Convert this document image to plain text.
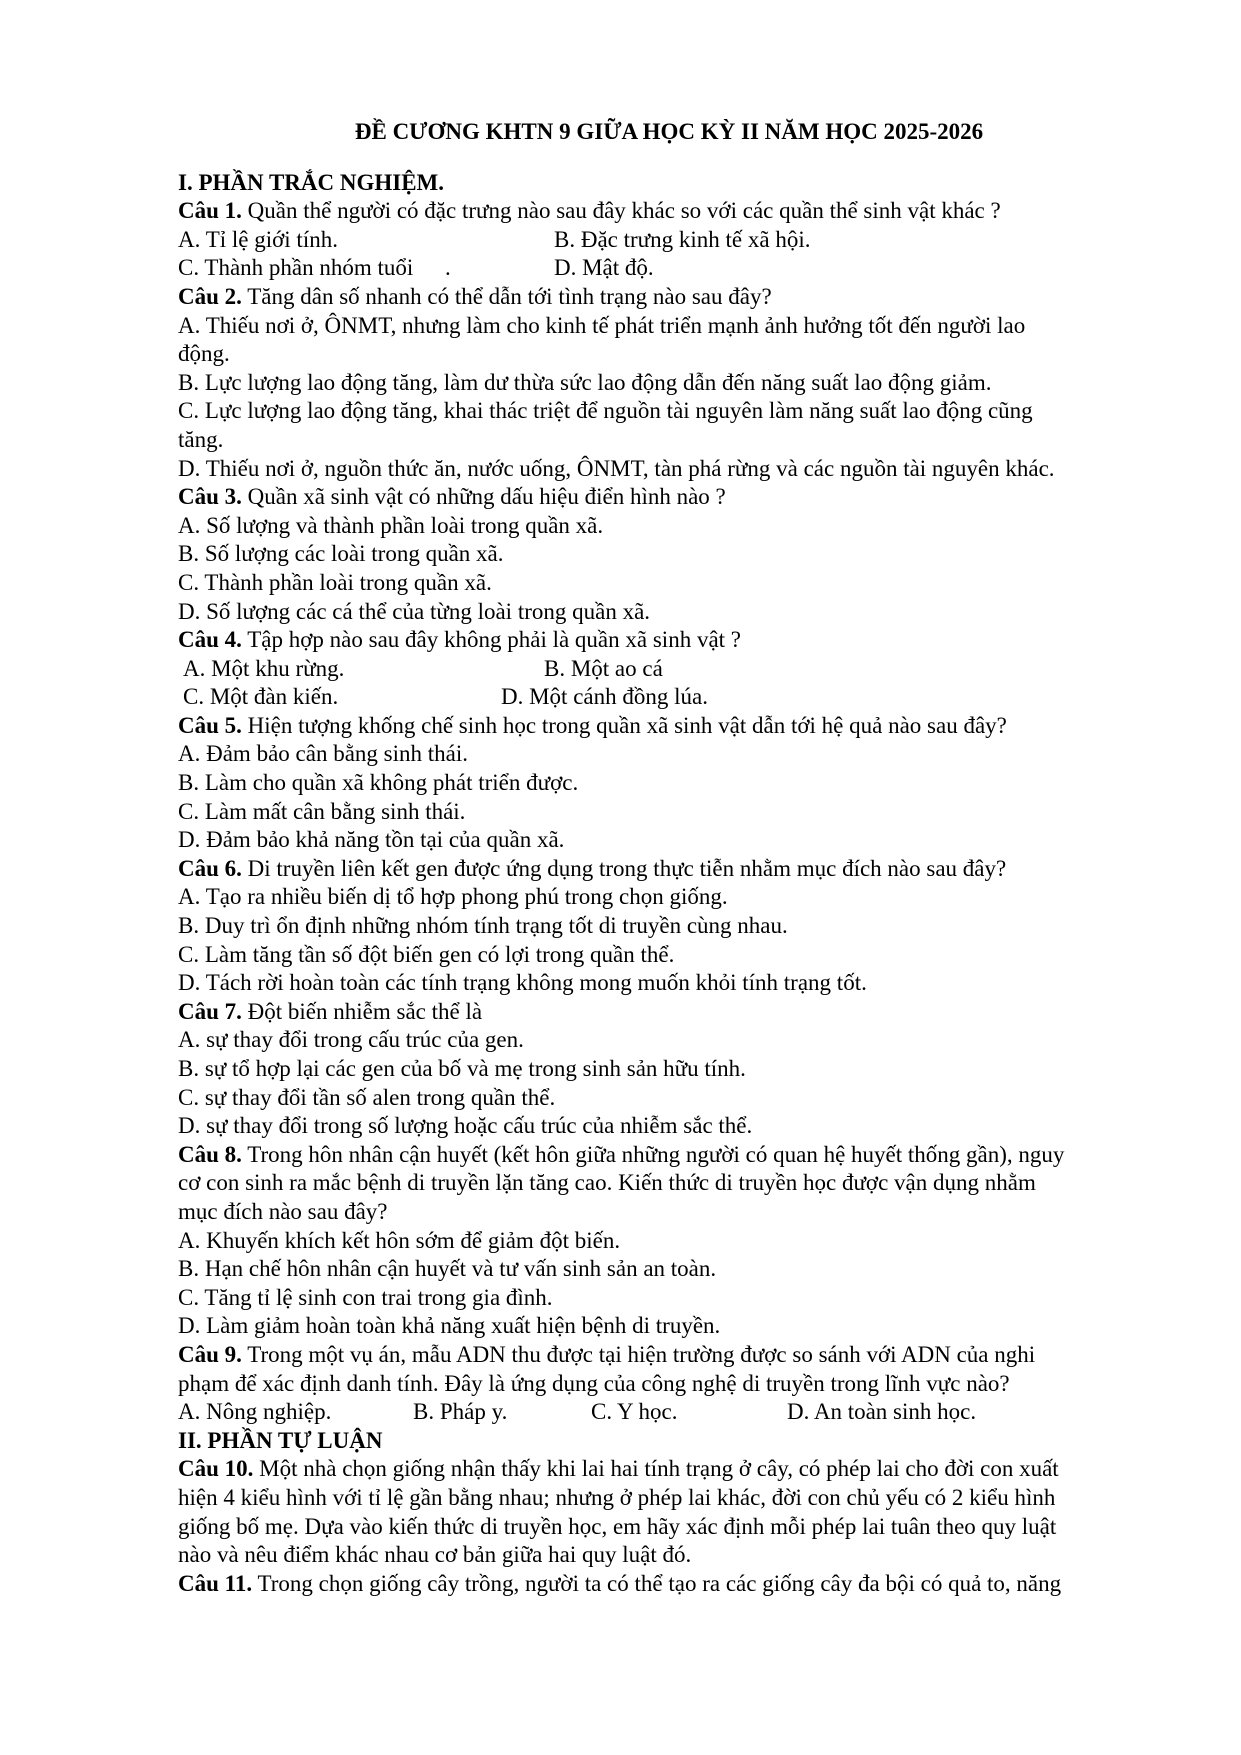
ĐỀ CƯƠNG KHTN 9 GIỮA HỌC KỲ II NĂM HỌC 2025-2026
I. PHẦN TRẮC NGHIỆM.
Câu 1. Quần thể người có đặc trưng nào sau đây khác so với các quần thể sinh vật khác ?
A. Tỉ lệ giới tính.	B. Đặc trưng kinh tế xã hội.
C. Thành phần nhóm tuổi	.	D. Mật độ.
Câu 2. Tăng dân số nhanh có thể dẫn tới tình trạng nào sau đây?
A. Thiếu nơi ở, ÔNMT, nhưng làm cho kinh tế phát triển mạnh ảnh hưởng tốt đến người lao
động.
B. Lực lượng lao động tăng, làm dư thừa sức lao động dẫn đến năng suất lao động giảm.
C. Lực lượng lao động tăng, khai thác triệt để nguồn tài nguyên làm năng suất lao động cũng
tăng.
D. Thiếu nơi ở, nguồn thức ăn, nước uống, ÔNMT, tàn phá rừng và các nguồn tài nguyên khác.
Câu 3. Quần xã sinh vật có những dấu hiệu điển hình nào ?
A. Số lượng và thành phần loài trong quần xã.
B. Số lượng các loài trong quần xã.
C. Thành phần loài trong quần xã.
D. Số lượng các cá thể của từng loài trong quần xã.
Câu 4. Tập hợp nào sau đây không phải là quần xã sinh vật ?
A. Một khu rừng.	B. Một ao cá
C. Một đàn kiến.	D. Một cánh đồng lúa.
Câu 5. Hiện tượng khống chế sinh học trong quần xã sinh vật dẫn tới hệ quả nào sau đây?
A. Đảm bảo cân bằng sinh thái.
B. Làm cho quần xã không phát triển được.
C. Làm mất cân bằng sinh thái.
D. Đảm bảo khả năng tồn tại của quần xã.
Câu 6. Di truyền liên kết gen được ứng dụng trong thực tiễn nhằm mục đích nào sau đây?
A. Tạo ra nhiều biến dị tổ hợp phong phú trong chọn giống.
B. Duy trì ổn định những nhóm tính trạng tốt di truyền cùng nhau.
C. Làm tăng tần số đột biến gen có lợi trong quần thể.
D. Tách rời hoàn toàn các tính trạng không mong muốn khỏi tính trạng tốt.
Câu 7. Đột biến nhiễm sắc thể là
A. sự thay đổi trong cấu trúc của gen.
B. sự tổ hợp lại các gen của bố và mẹ trong sinh sản hữu tính.
C. sự thay đổi tần số alen trong quần thể.
D. sự thay đổi trong số lượng hoặc cấu trúc của nhiễm sắc thể.
Câu 8. Trong hôn nhân cận huyết (kết hôn giữa những người có quan hệ huyết thống gần), nguy
cơ con sinh ra mắc bệnh di truyền lặn tăng cao. Kiến thức di truyền học được vận dụng nhằm
mục đích nào sau đây?
A. Khuyến khích kết hôn sớm để giảm đột biến.
B. Hạn chế hôn nhân cận huyết và tư vấn sinh sản an toàn.
C. Tăng tỉ lệ sinh con trai trong gia đình.
D. Làm giảm hoàn toàn khả năng xuất hiện bệnh di truyền.
Câu 9. Trong một vụ án, mẫu ADN thu được tại hiện trường được so sánh với ADN của nghi
phạm để xác định danh tính. Đây là ứng dụng của công nghệ di truyền trong lĩnh vực nào?
A. Nông nghiệp.	B. Pháp y.	C. Y học.	D. An toàn sinh học.
II. PHẦN TỰ LUẬN
Câu 10. Một nhà chọn giống nhận thấy khi lai hai tính trạng ở cây, có phép lai cho đời con xuất
hiện 4 kiểu hình với tỉ lệ gần bằng nhau; nhưng ở phép lai khác, đời con chủ yếu có 2 kiểu hình
giống bố mẹ. Dựa vào kiến thức di truyền học, em hãy xác định mỗi phép lai tuân theo quy luật
nào và nêu điểm khác nhau cơ bản giữa hai quy luật đó.
Câu 11. Trong chọn giống cây trồng, người ta có thể tạo ra các giống cây đa bội có quả to, năng
